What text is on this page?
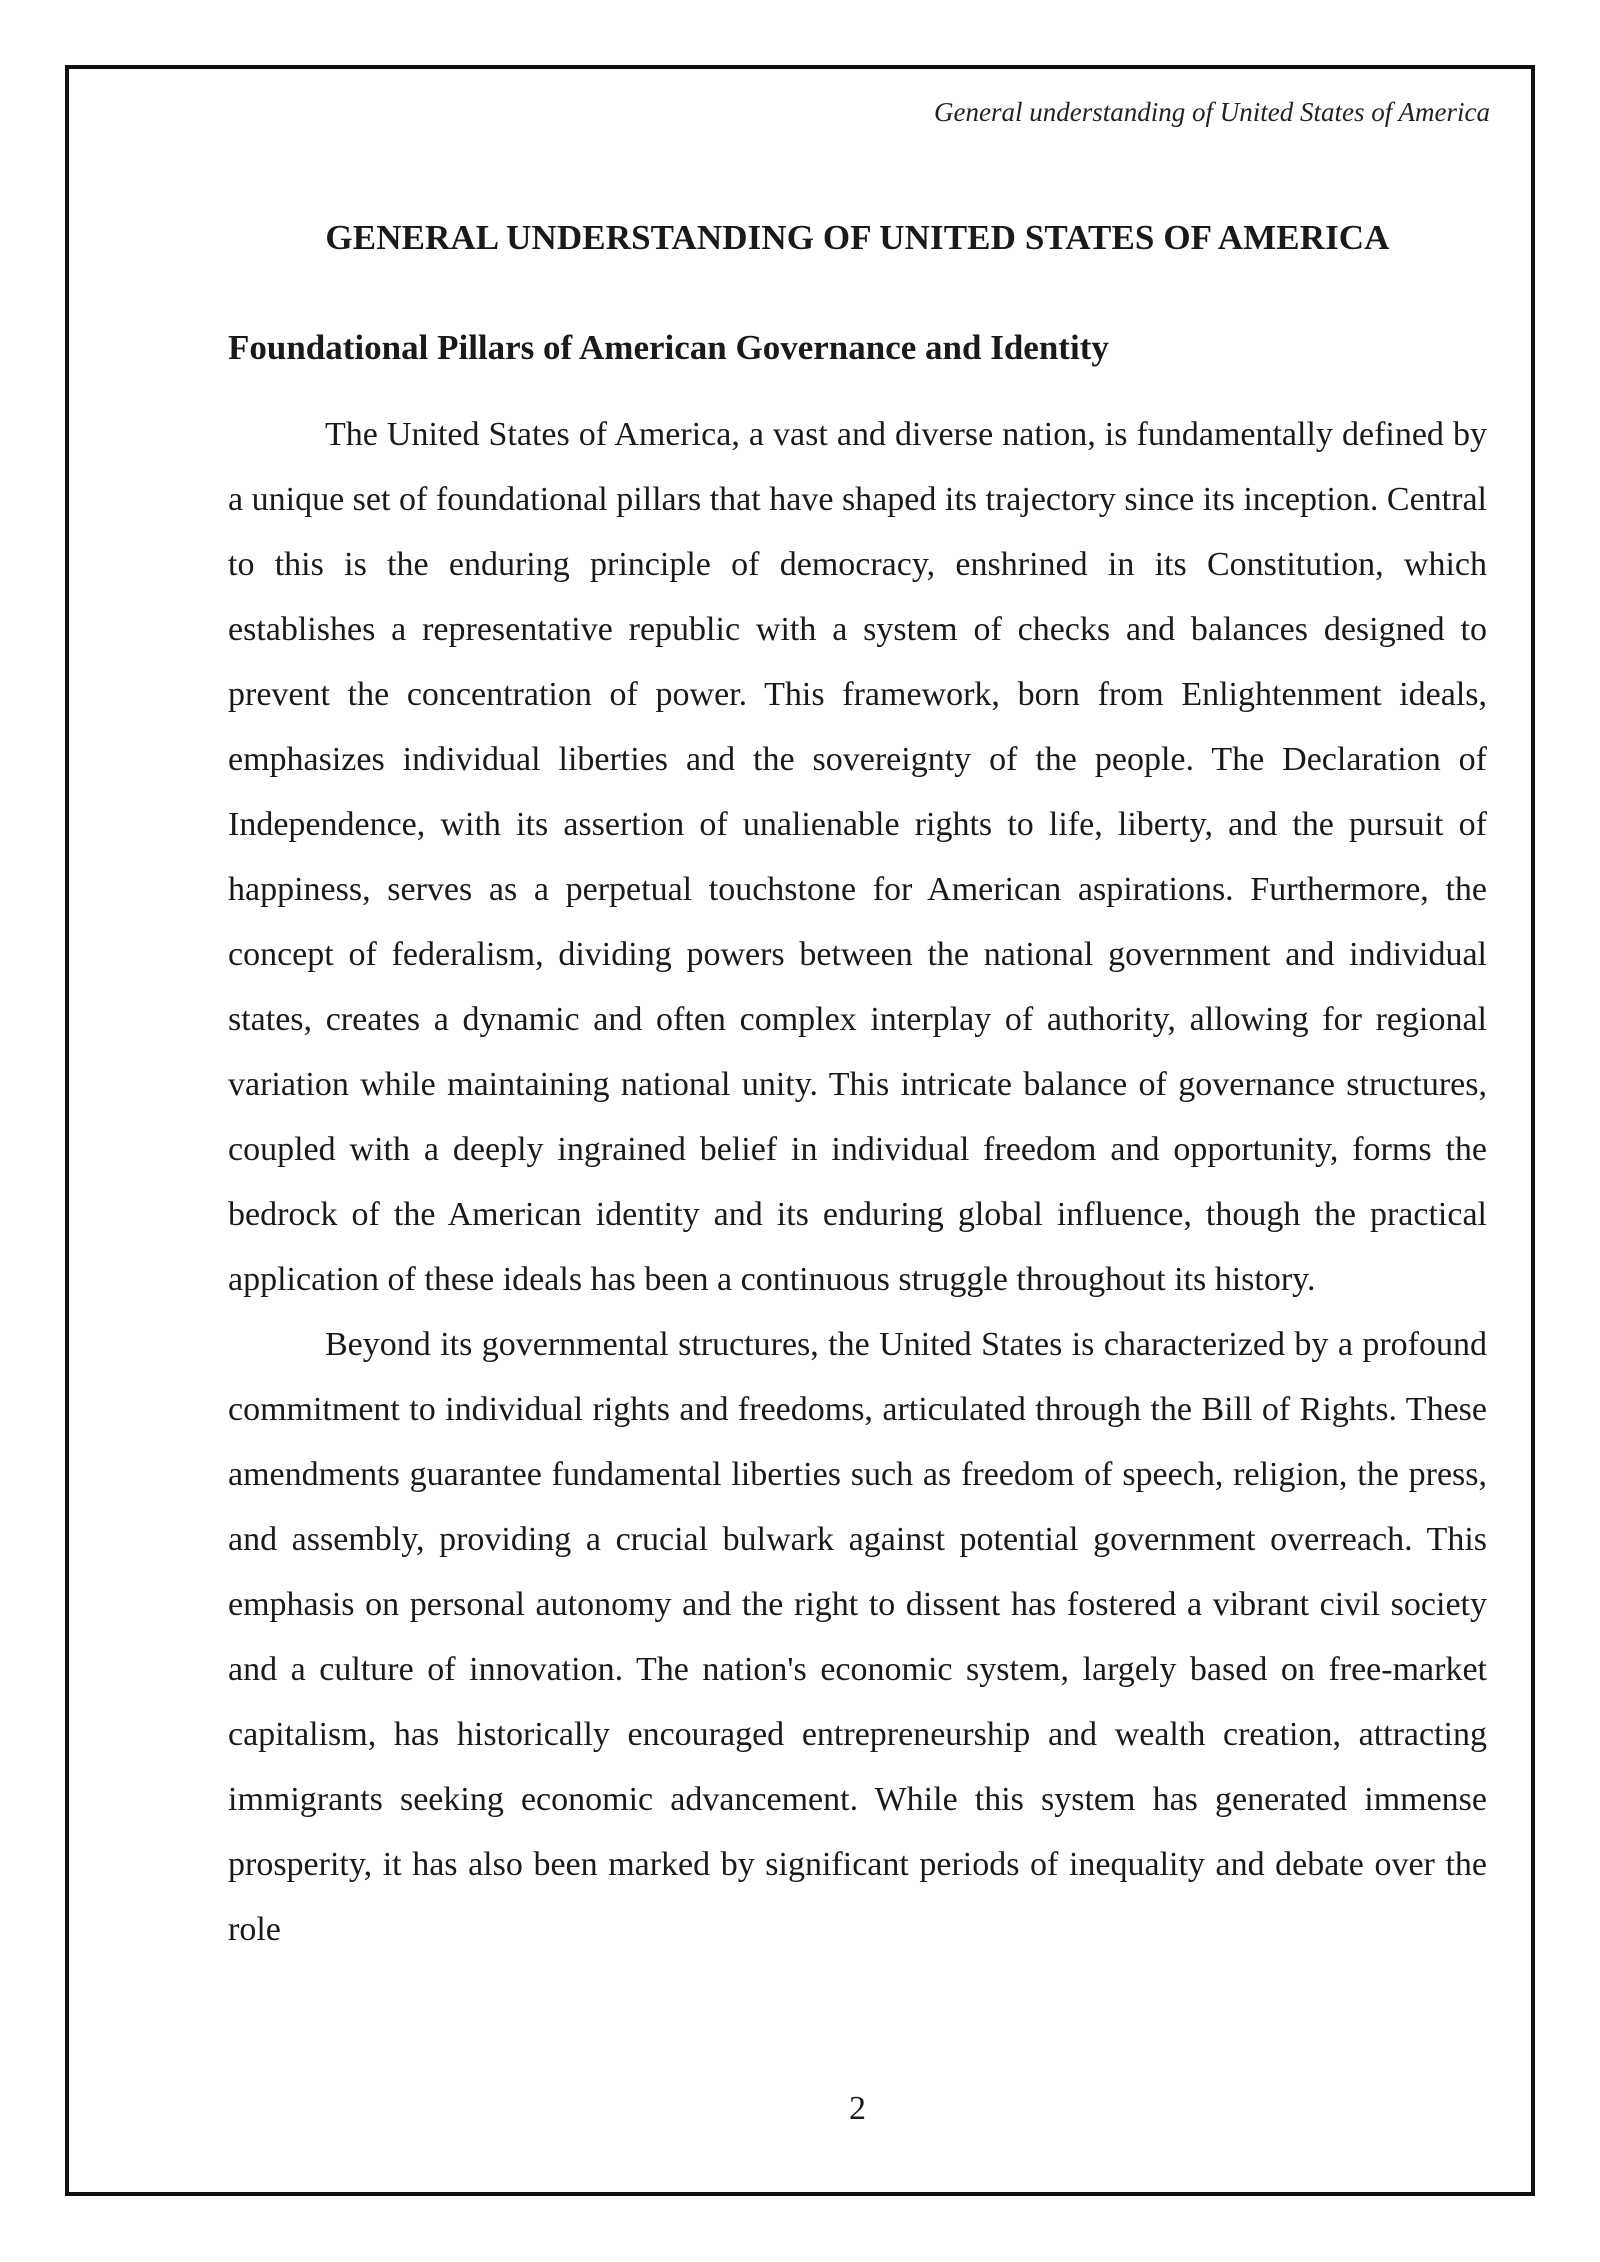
General understanding of United States of America
GENERAL UNDERSTANDING OF UNITED STATES OF AMERICA
Foundational Pillars of American Governance and Identity

The United States of America, a vast and diverse nation, is fundamentally defined by a unique set of foundational pillars that have shaped its trajectory since its inception. Central to this is the enduring principle of democracy, enshrined in its Constitution, which establishes a representative republic with a system of checks and balances designed to prevent the concentration of power. This framework, born from Enlightenment ideals, emphasizes individual liberties and the sovereignty of the people. The Declaration of Independence, with its assertion of unalienable rights to life, liberty, and the pursuit of happiness, serves as a perpetual touchstone for American aspirations. Furthermore, the concept of federalism, dividing powers between the national government and individual states, creates a dynamic and often complex interplay of authority, allowing for regional variation while maintaining national unity. This intricate balance of governance structures, coupled with a deeply ingrained belief in individual freedom and opportunity, forms the bedrock of the American identity and its enduring global influence, though the practical application of these ideals has been a continuous struggle throughout its history.

Beyond its governmental structures, the United States is characterized by a profound commitment to individual rights and freedoms, articulated through the Bill of Rights. These amendments guarantee fundamental liberties such as freedom of speech, religion, the press, and assembly, providing a crucial bulwark against potential government overreach. This emphasis on personal autonomy and the right to dissent has fostered a vibrant civil society and a culture of innovation. The nation's economic system, largely based on free-market capitalism, has historically encouraged entrepreneurship and wealth creation, attracting immigrants seeking economic advancement. While this system has generated immense prosperity, it has also been marked by significant periods of inequality and debate over the role

2
